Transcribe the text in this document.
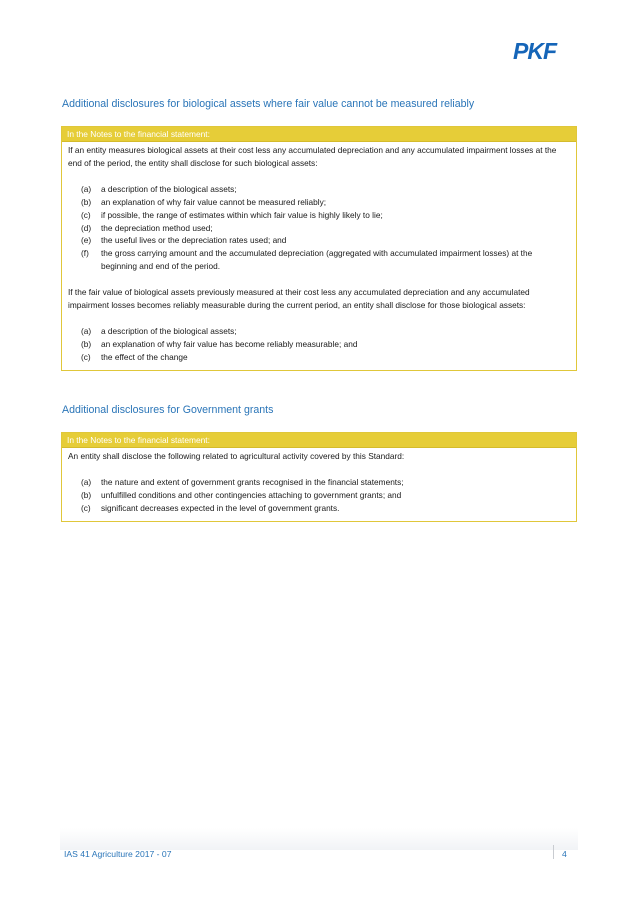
PKF
Additional disclosures for biological assets where fair value cannot be measured reliably
In the Notes to the financial statement:

If an entity measures biological assets at their cost less any accumulated depreciation and any accumulated impairment losses at the end of the period, the entity shall disclose for such biological assets:

(a)	a description of the biological assets;
(b)	an explanation of why fair value cannot be measured reliably;
(c)	if possible, the range of estimates within which fair value is highly likely to lie;
(d)	the depreciation method used;
(e)	the useful lives or the depreciation rates used; and
(f)	the gross carrying amount and the accumulated depreciation (aggregated with accumulated impairment losses) at the beginning and end of the period.

If the fair value of biological assets previously measured at their cost less any accumulated depreciation and any accumulated impairment losses becomes reliably measurable during the current period, an entity shall disclose for those biological assets:

(a)	a description of the biological assets;
(b)	an explanation of why fair value has become reliably measurable; and
(c)	the effect of the change
Additional disclosures for Government grants
In the Notes to the financial statement:

An entity shall disclose the following related to agricultural activity covered by this Standard:

(a)	the nature and extent of government grants recognised in the financial statements;
(b)	unfulfilled conditions and other contingencies attaching to government grants; and
(c)	significant decreases expected in the level of government grants.
IAS 41 Agriculture 2017 - 07	4
